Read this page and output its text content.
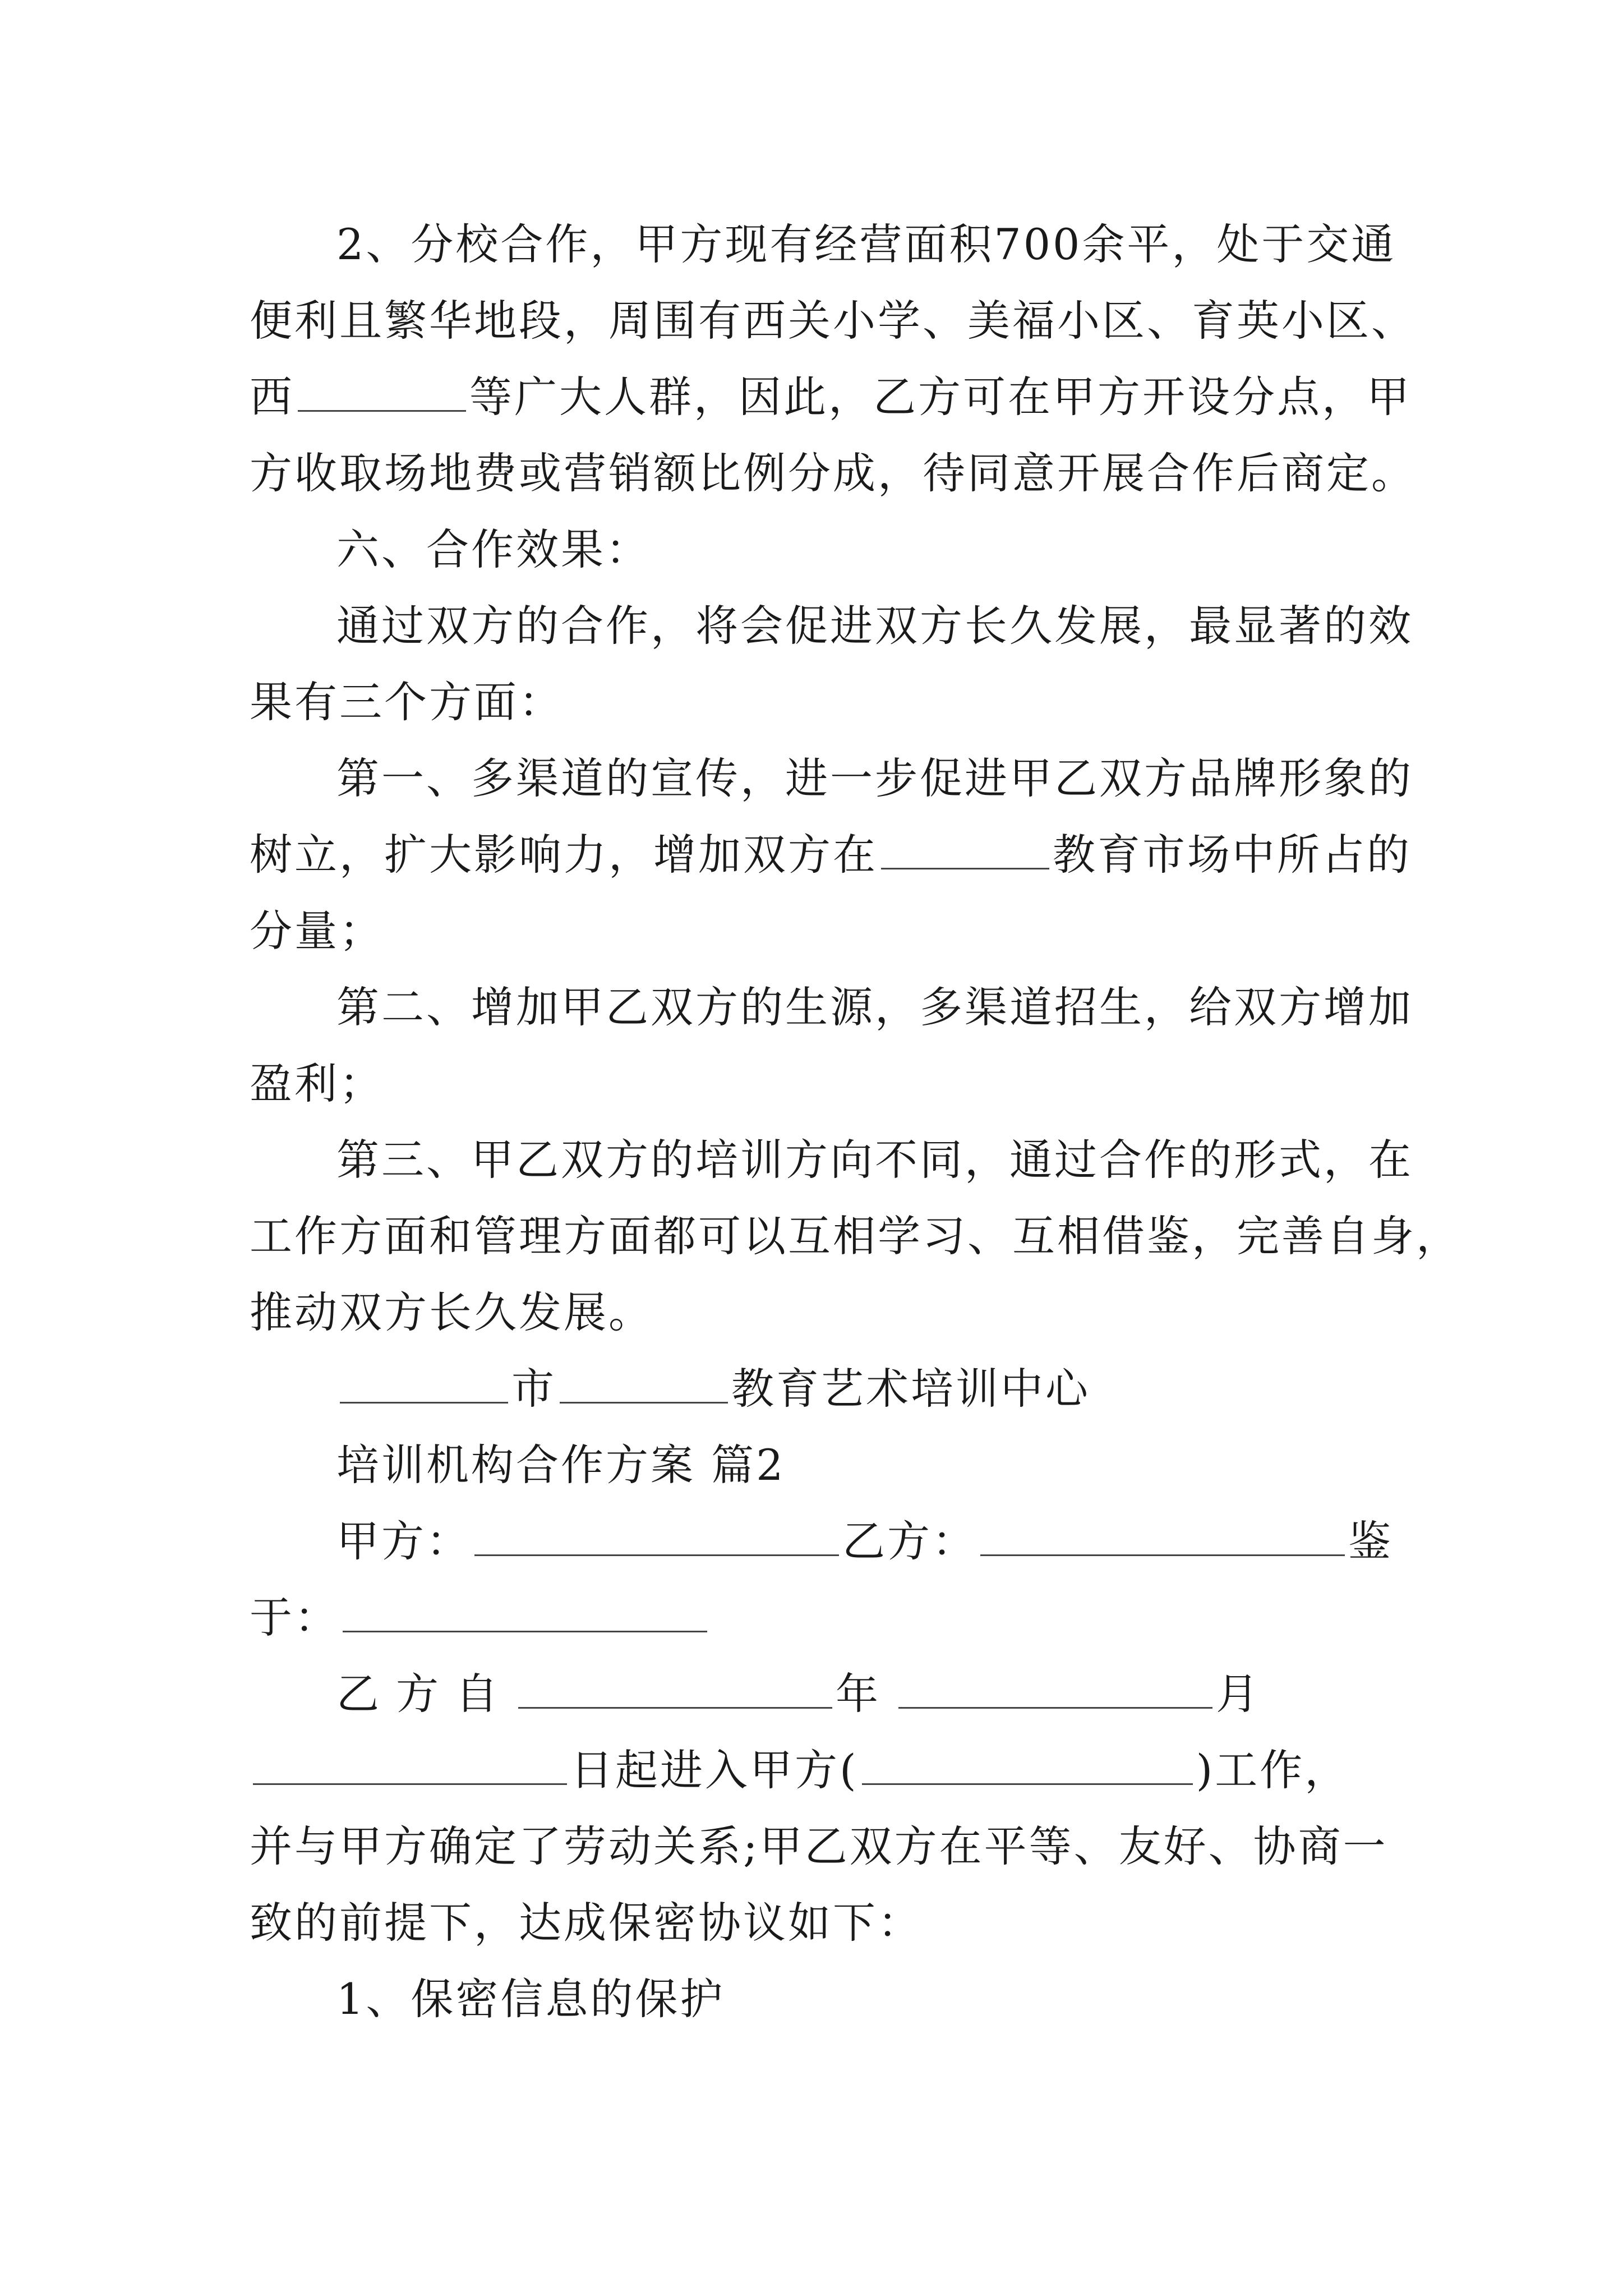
2、分校合作，甲方现有经营面积700余平，处于交通
便利且繁华地段，周围有西关小学、美福小区、育英小区、
西	等广大人群，因此，乙方可在甲方开设分点，甲
方收取场地费或营销额比例分成，待同意开展合作后商定。
六、合作效果：
通过双方的合作，将会促进双方长久发展，最显著的效
果有三个方面：
第一、多渠道的宣传，进一步促进甲乙双方品牌形象的
树立，扩大影响力，增加双方在	教育市场中所占的
分量；
第二、增加甲乙双方的生源，多渠道招生，给双方增加
盈利；
第三、甲乙双方的培训方向不同，通过合作的形式，在
工作方面和管理方面都可以互相学习、互相借鉴，完善自身，
推动双方长久发展。
市	教育艺术培训中心
培训机构合作方案 篇2
甲方：	乙方：	鉴
于：
乙方自	年	月
日起进入甲方(	)工作，
并与甲方确定了劳动关系;甲乙双方在平等、友好、协商一
致的前提下，达成保密协议如下：
1、保密信息的保护
